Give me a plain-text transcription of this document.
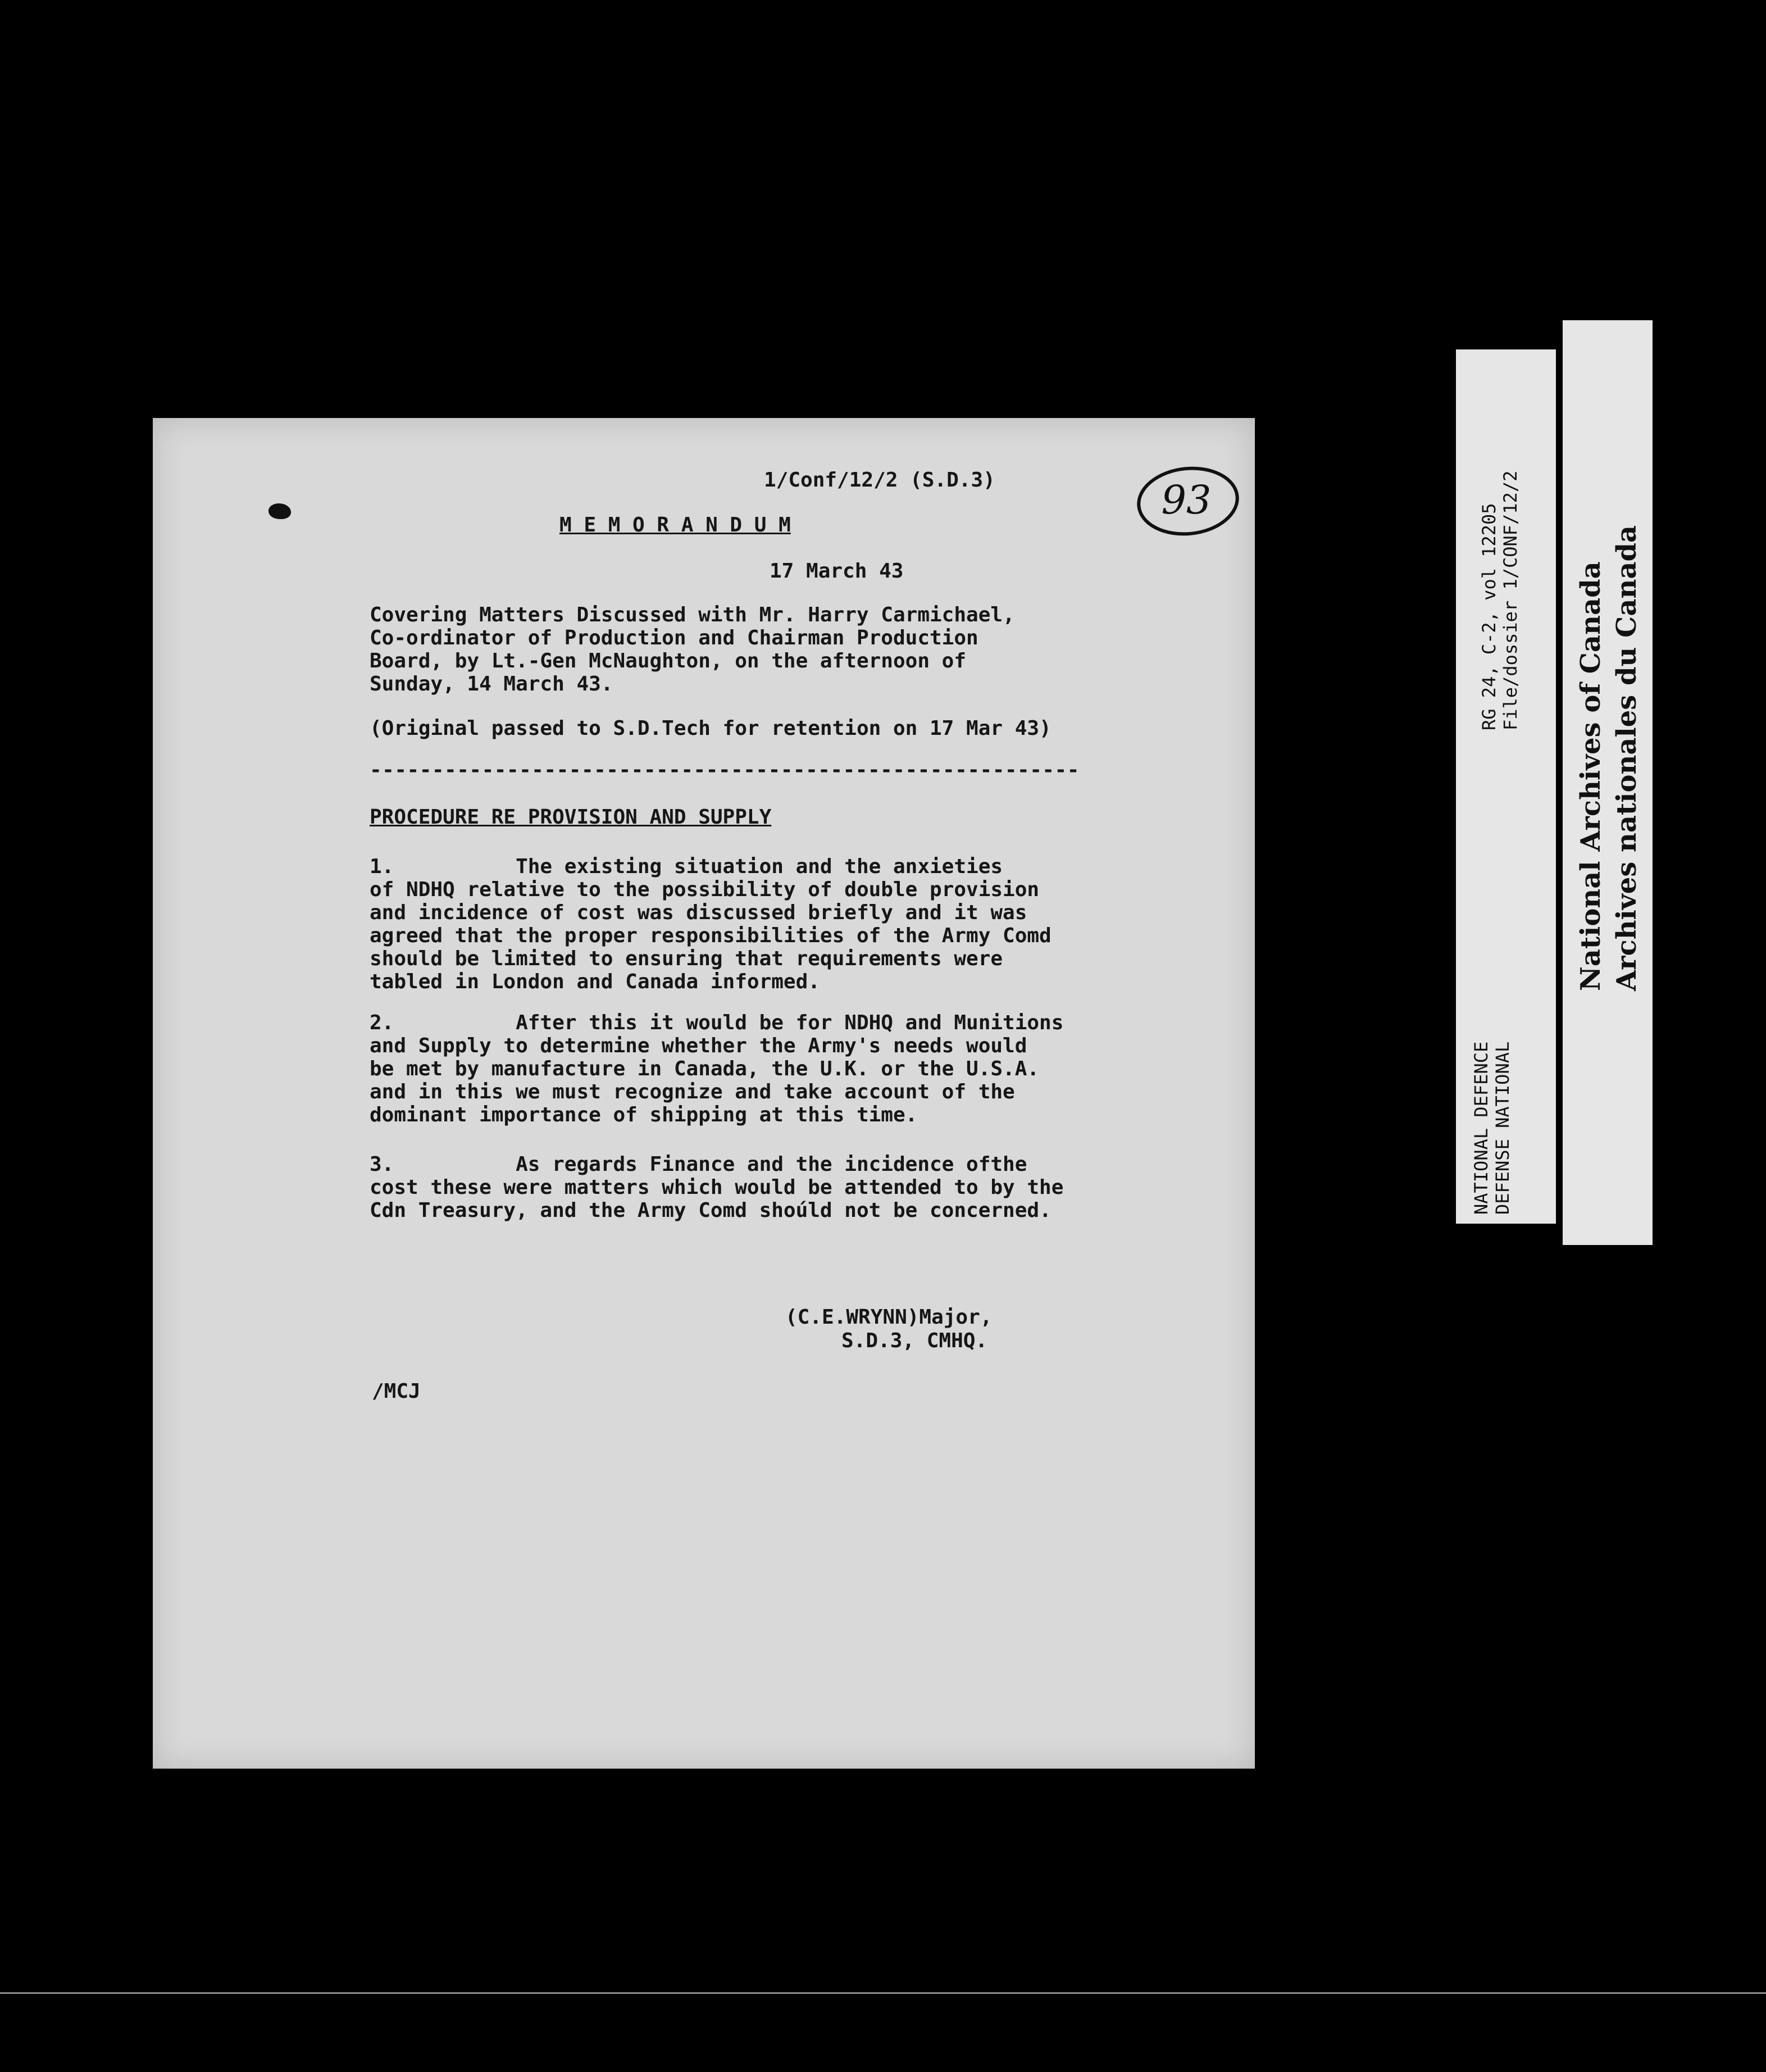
1/Conf/12/2 (S.D.3)	93

M E M O R A N D U M

17 March 43

Covering Matters Discussed with Mr. Harry Carmichael,
Co-ordinator of Production and Chairman Production
Board, by Lt.-Gen McNaughton, on the afternoon of
Sunday, 14 March 43.

(Original passed to S.D.Tech for retention on 17 Mar 43)

---------------------------------------------------------

PROCEDURE RE PROVISION AND SUPPLY

1.          The existing situation and the anxieties
of NDHQ relative to the possibility of double provision
and incidence of cost was discussed briefly and it was
agreed that the proper responsibilities of the Army Comd
should be limited to ensuring that requirements were
tabled in London and Canada informed.

2.          After this it would be for NDHQ and Munitions
and Supply to determine whether the Army's needs would
be met by manufacture in Canada, the U.K. or the U.S.A.
and in this we must recognize and take account of the
dominant importance of shipping at this time.

3.          As regards Finance and the incidence ofthe
cost these were matters which would be attended to by the
Cdn Treasury, and the Army Comd shoúld not be concerned.

(C.E.WRYNN)Major,

S.D.3, CMHQ.

/MCJ

RG 24, C-2, vol 12205
File/dossier 1/CONF/12/2
NATIONAL DEFENCE
DEFENSE NATIONAL
National Archives of Canada
Archives nationales du Canada
